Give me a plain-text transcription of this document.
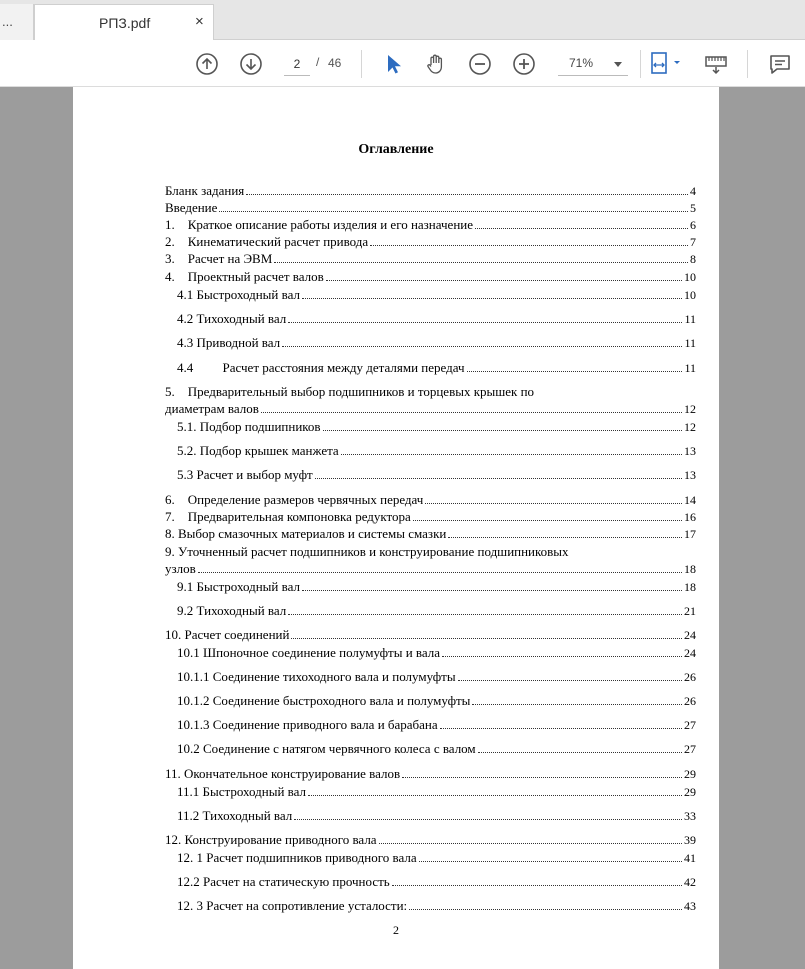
...	РПЗ.pdf	×
2
/ 46	71%
Оглавление
Бланк задания	4
Введение	5
1.    Краткое описание работы изделия и его назначение	6
2.    Кинематический расчет привода	7
3.    Расчет на ЭВМ	8
4.    Проектный расчет валов	10
4.1 Быстроходный вал	10
4.2 Тихоходный вал	11
4.3 Приводной вал	11
4.4         Расчет расстояния между деталями передач	11
5.    Предварительный выбор подшипников и торцевых крышек по
диаметрам валов	12
5.1. Подбор подшипников	12
5.2. Подбор крышек манжета	13
5.3 Расчет и выбор муфт	13
6.    Определение размеров червячных передач	14
7.    Предварительная компоновка редуктора	16
8. Выбор смазочных материалов и системы смазки	17
9. Уточненный расчет подшипников и конструирование подшипниковых
узлов	18
9.1 Быстроходный вал	18
9.2 Тихоходный вал	21
10. Расчет соединений	24
10.1 Шпоночное соединение полумуфты и вала	24
10.1.1 Соединение тихоходного вала и полумуфты	26
10.1.2 Соединение быстроходного вала и полумуфты	26
10.1.3 Соединение приводного вала и барабана	27
10.2 Соединение с натягом червячного колеса с валом	27
11. Окончательное конструирование валов	29
11.1 Быстроходный вал	29
11.2 Тихоходный вал	33
12. Конструирование приводного вала	39
12. 1 Расчет подшипников приводного вала	41
12.2 Расчет на статическую прочность	42
12. 3 Расчет на сопротивление усталости:	43
2
